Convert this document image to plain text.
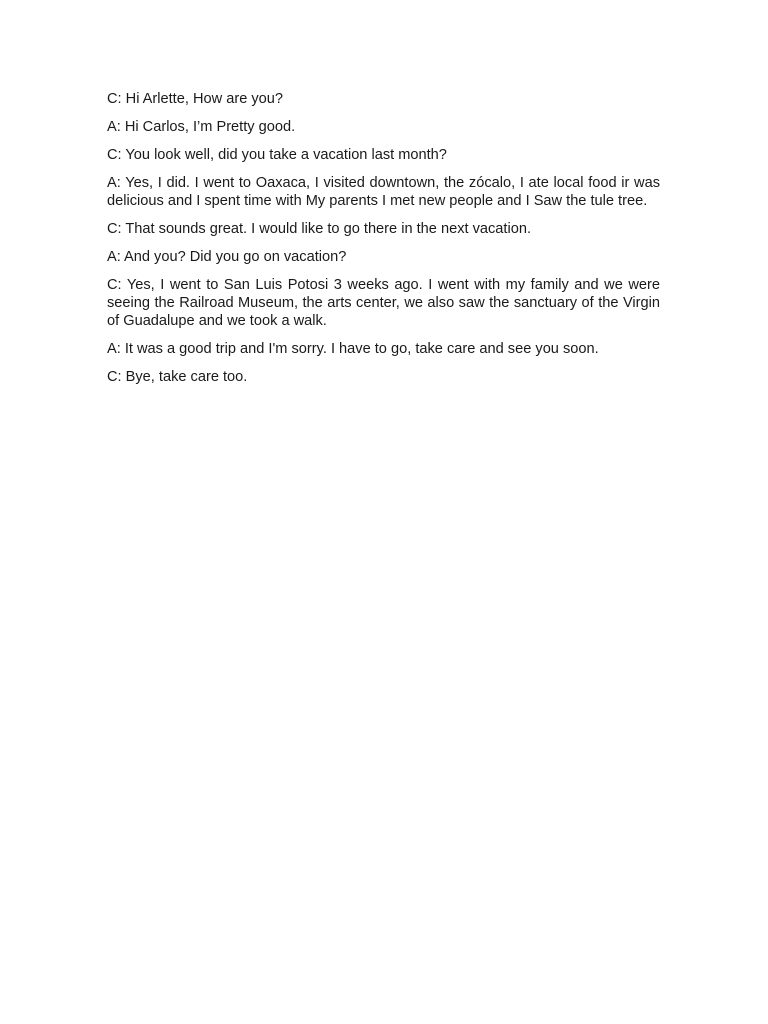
C: Hi Arlette, How are you?

A: Hi Carlos, I’m Pretty good.

C: You look well, did you take a vacation last month?

A: Yes, I did. I went to Oaxaca, I visited downtown, the zócalo, I ate local food ir was delicious and I spent time with My parents I met new people and I Saw the tule tree.

C: That sounds great. I would like to go there in the next vacation.

A: And you? Did you go on vacation?

C: Yes, I went to San Luis Potosi 3 weeks ago. I went with my family and we were seeing the Railroad Museum, the arts center, we also saw the sanctuary of the Virgin of Guadalupe and we took a walk.

A: It was a good trip and I'm sorry. I have to go, take care and see you soon.

C: Bye, take care too.
